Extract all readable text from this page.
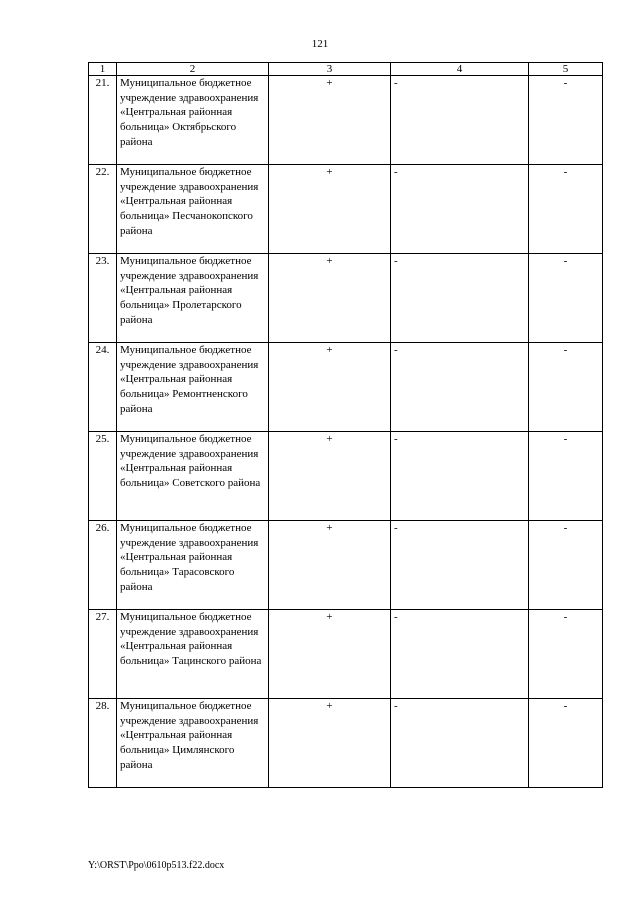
121
1	2	3	4	5
21.	Муниципальное бюджетное учреждение здравоохранения «Центральная районная больница» Октябрьского района	+	-	-
22.	Муниципальное бюджетное учреждение здравоохранения «Центральная районная больница» Песчанокопского района	+	-	-
23.	Муниципальное бюджетное учреждение здравоохранения «Центральная районная больница» Пролетарского района	+	-	-
24.	Муниципальное бюджетное учреждение здравоохранения «Центральная районная больница» Ремонтненского района	+	-	-
25.	Муниципальное бюджетное учреждение здравоохранения «Центральная районная больница» Советского района	+	-	-
26.	Муниципальное бюджетное учреждение здравоохранения «Центральная районная больница» Тарасовского района	+	-	-
27.	Муниципальное бюджетное учреждение здравоохранения «Центральная районная больница» Тацинского района	+	-	-
28.	Муниципальное бюджетное учреждение здравоохранения «Центральная районная больница» Цимлянского района	+	-	-
Y:\ORST\Ppo\0610p513.f22.docx
